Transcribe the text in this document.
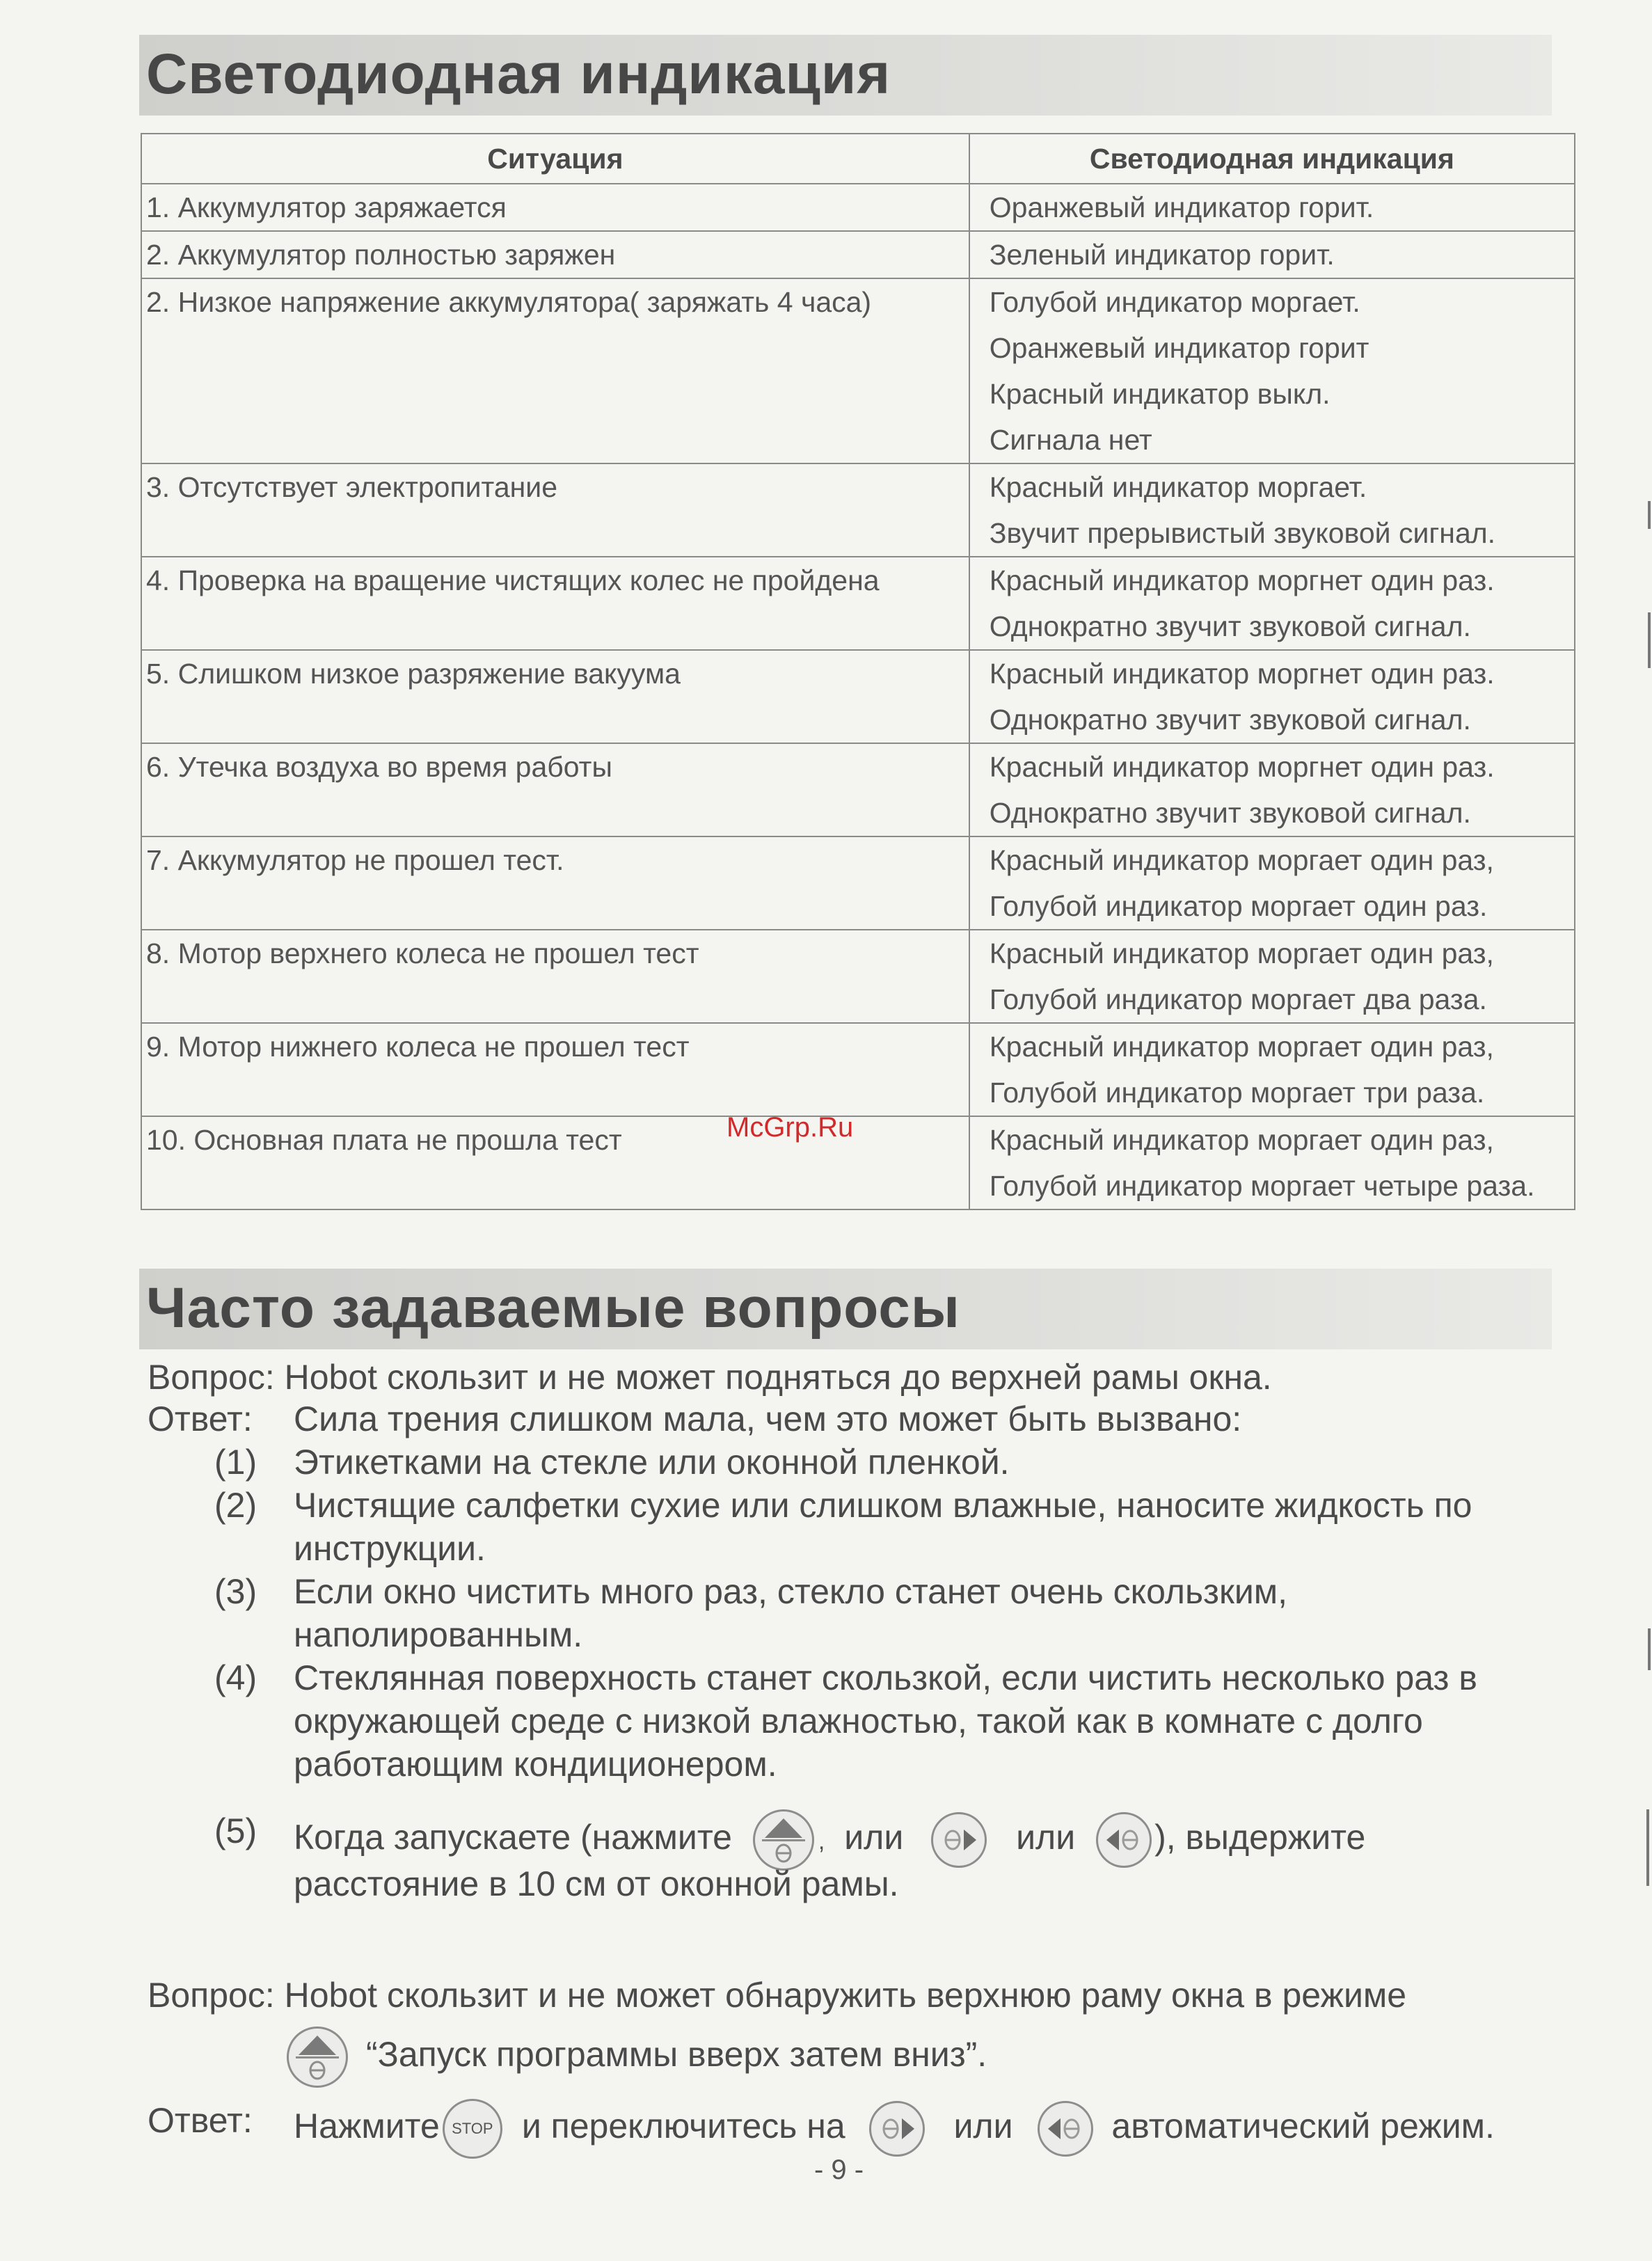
Светодиодная индикация
Ситуация	Светодиодная индикация

1. Аккумулятор заряжается	Оранжевый индикатор горит.

2. Аккумулятор полностью заряжен	Зеленый индикатор горит.

2. Низкое напряжение аккумулятора( заряжать 4 часа)	Голубой индикатор моргает.
Оранжевый индикатор горит
Красный индикатор выкл.
Сигнала нет

3. Отсутствует электропитание	Красный индикатор моргает.
Звучит прерывистый звуковой сигнал.

4. Проверка на вращение чистящих колес не пройдена	Красный индикатор моргнет один раз.
Однократно звучит звуковой сигнал.

5. Слишком низкое разряжение вакуума	Красный индикатор моргнет один раз.
Однократно звучит звуковой сигнал.

6. Утечка воздуха во время работы	Красный индикатор моргнет один раз.
Однократно звучит звуковой сигнал.

7. Аккумулятор не прошел тест.	Красный индикатор моргает один раз,
Голубой индикатор моргает один раз.

8. Мотор верхнего колеса не прошел тест	Красный индикатор моргает один раз,
Голубой индикатор моргает два раза.

9. Мотор нижнего колеса не прошел тест	Красный индикатор моргает один раз,
Голубой индикатор моргает три раза.

10. Основная плата не прошла тест	Красный индикатор моргает один раз,
Голубой индикатор моргает четыре раза.
McGrp.Ru
Часто задаваемые вопросы
Вопрос: Hobot скользит и не может подняться до верхней рамы окна.
Ответ: Сила трения слишком мала, чем это может быть вызвано:
(1) Этикетками на стекле или оконной пленкой.
(2) Чистящие салфетки сухие или слишком влажные, наносите жидкость по
инструкции.
(3) Если окно чистить много раз, стекло станет очень скользким,
наполированным.
(4) Стеклянная поверхность станет скользкой, если чистить несколько раз в
окружающей среде с низкой влажностью, такой как в комнате с долго
работающим кондиционером.
(5) Когда запускаете (нажмите	, или	или ), выдержите
расстояние в 10 см от оконной рамы.
Вопрос: Hobot скользит и не может обнаружить верхнюю раму окна в режиме
“Запуск программы вверх затем вниз”.
Ответ: Нажмите STOP и переключитесь на	или	автоматический режим.
- 9 -
